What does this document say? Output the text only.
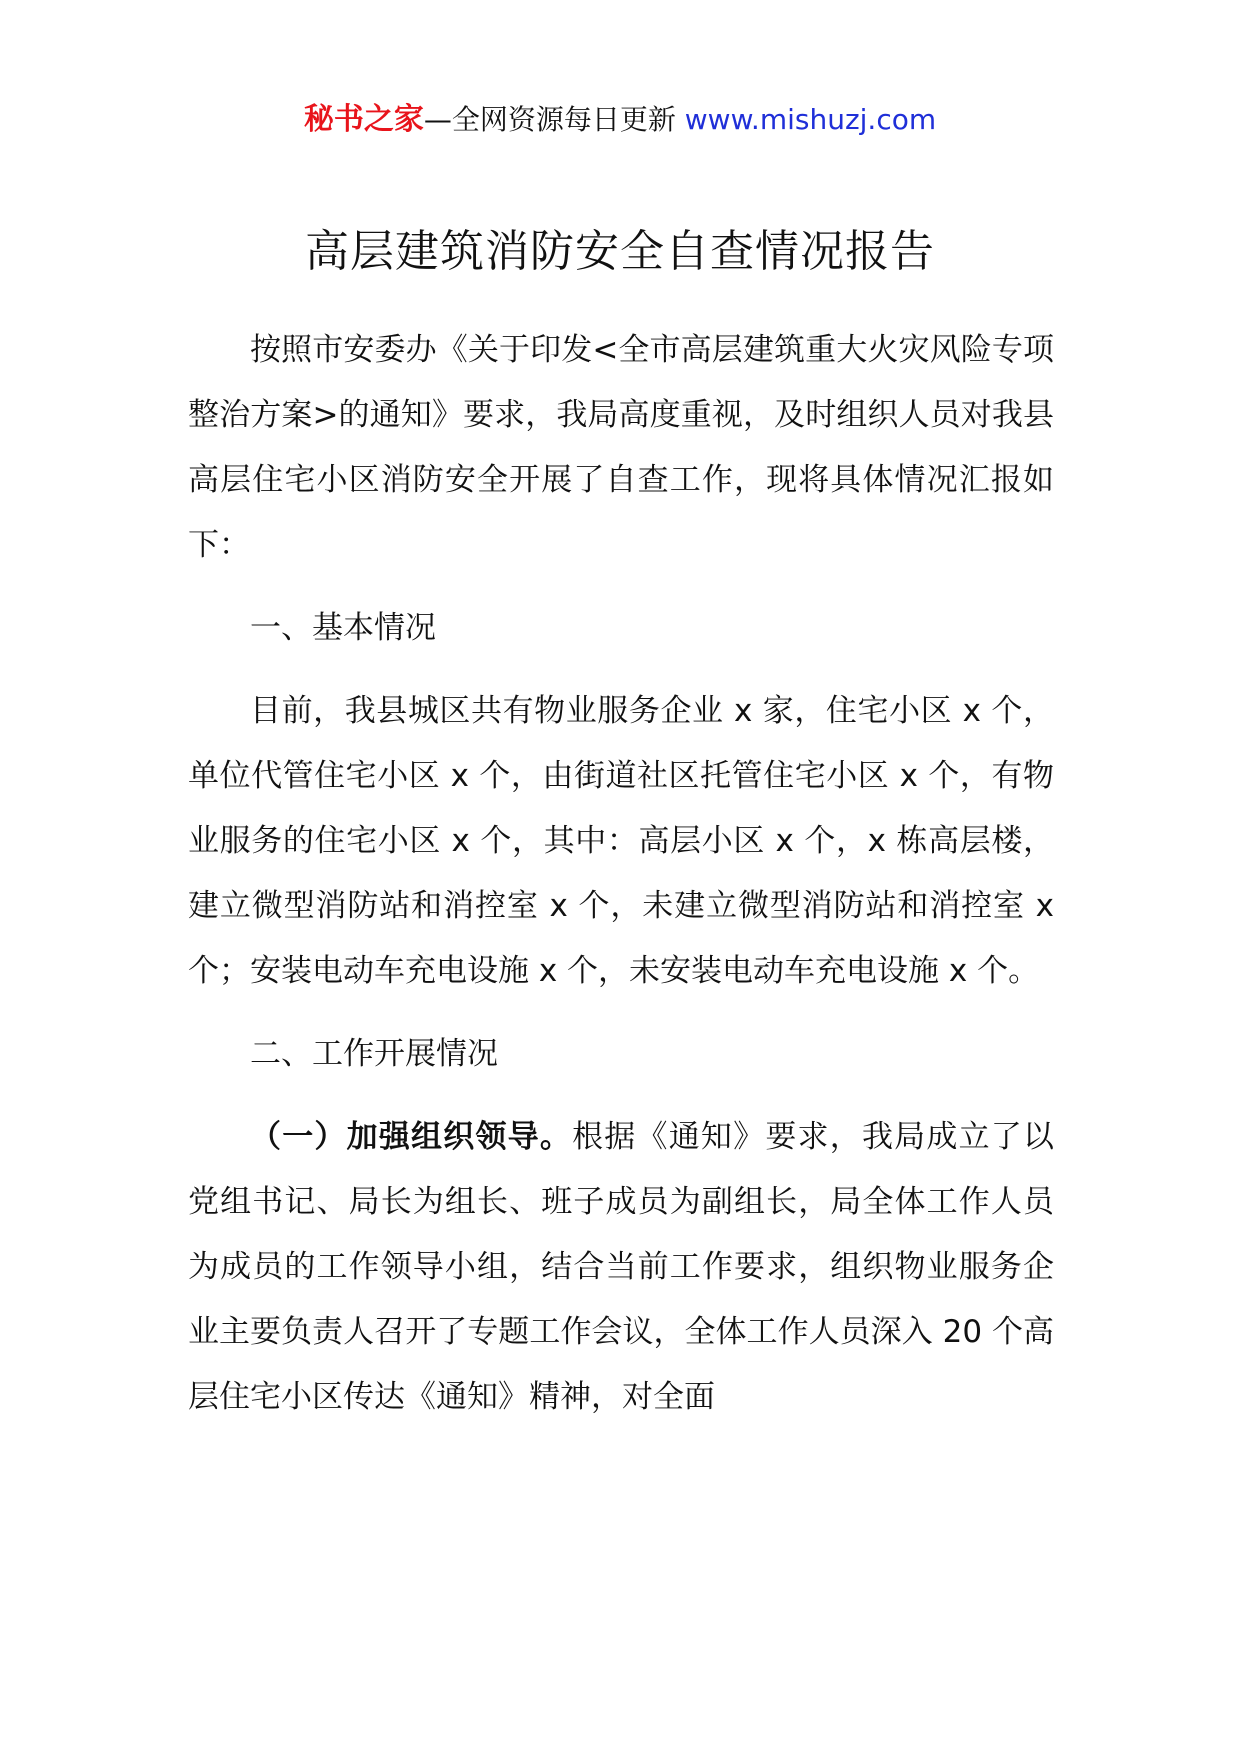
秘书之家—全网资源每日更新 www.mishuzj.com
高层建筑消防安全自查情况报告

按照市安委办《关于印发<全市高层建筑重大火灾风险专项整治方案>的通知》要求，我局高度重视，及时组织人员对我县高层住宅小区消防安全开展了自查工作，现将具体情况汇报如下：

一、基本情况

目前，我县城区共有物业服务企业 x 家，住宅小区 x 个，单位代管住宅小区 x 个，由街道社区托管住宅小区 x 个，有物业服务的住宅小区 x 个，其中：高层小区 x 个，x 栋高层楼，建立微型消防站和消控室 x 个，未建立微型消防站和消控室 x 个；安装电动车充电设施 x 个，未安装电动车充电设施 x 个。

二、工作开展情况

（一）加强组织领导。根据《通知》要求，我局成立了以党组书记、局长为组长、班子成员为副组长，局全体工作人员为成员的工作领导小组，结合当前工作要求，组织物业服务企业主要负责人召开了专题工作会议，全体工作人员深入 20 个高层住宅小区传达《通知》精神，对全面
